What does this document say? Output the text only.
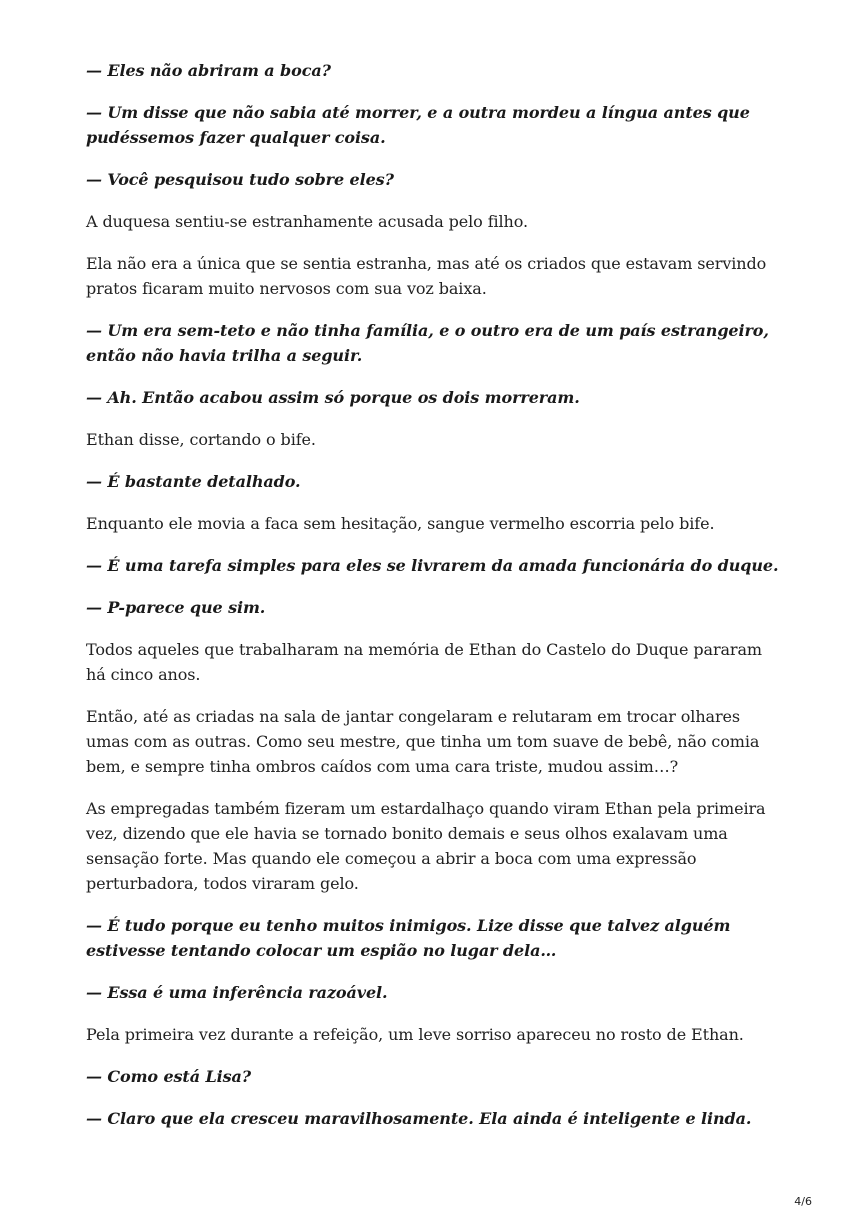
— Eles não abriram a boca?

— Um disse que não sabia até morrer, e a outra mordeu a língua antes que pudéssemos fazer qualquer coisa.

— Você pesquisou tudo sobre eles?

A duquesa sentiu-se estranhamente acusada pelo filho.

Ela não era a única que se sentia estranha, mas até os criados que estavam servindo pratos ficaram muito nervosos com sua voz baixa.

— Um era sem-teto e não tinha família, e o outro era de um país estrangeiro, então não havia trilha a seguir.

— Ah. Então acabou assim só porque os dois morreram.

Ethan disse, cortando o bife.

— É bastante detalhado.

Enquanto ele movia a faca sem hesitação, sangue vermelho escorria pelo bife.

— É uma tarefa simples para eles se livrarem da amada funcionária do duque.

— P-parece que sim.

Todos aqueles que trabalharam na memória de Ethan do Castelo do Duque pararam há cinco anos.

Então, até as criadas na sala de jantar congelaram e relutaram em trocar olhares umas com as outras. Como seu mestre, que tinha um tom suave de bebê, não comia bem, e sempre tinha ombros caídos com uma cara triste, mudou assim…?

As empregadas também fizeram um estardalhaço quando viram Ethan pela primeira vez, dizendo que ele havia se tornado bonito demais e seus olhos exalavam uma sensação forte. Mas quando ele começou a abrir a boca com uma expressão perturbadora, todos viraram gelo.

— É tudo porque eu tenho muitos inimigos. Lize disse que talvez alguém estivesse tentando colocar um espião no lugar dela…

— Essa é uma inferência razoável.

Pela primeira vez durante a refeição, um leve sorriso apareceu no rosto de Ethan.

— Como está Lisa?

— Claro que ela cresceu maravilhosamente. Ela ainda é inteligente e linda.

4/6
